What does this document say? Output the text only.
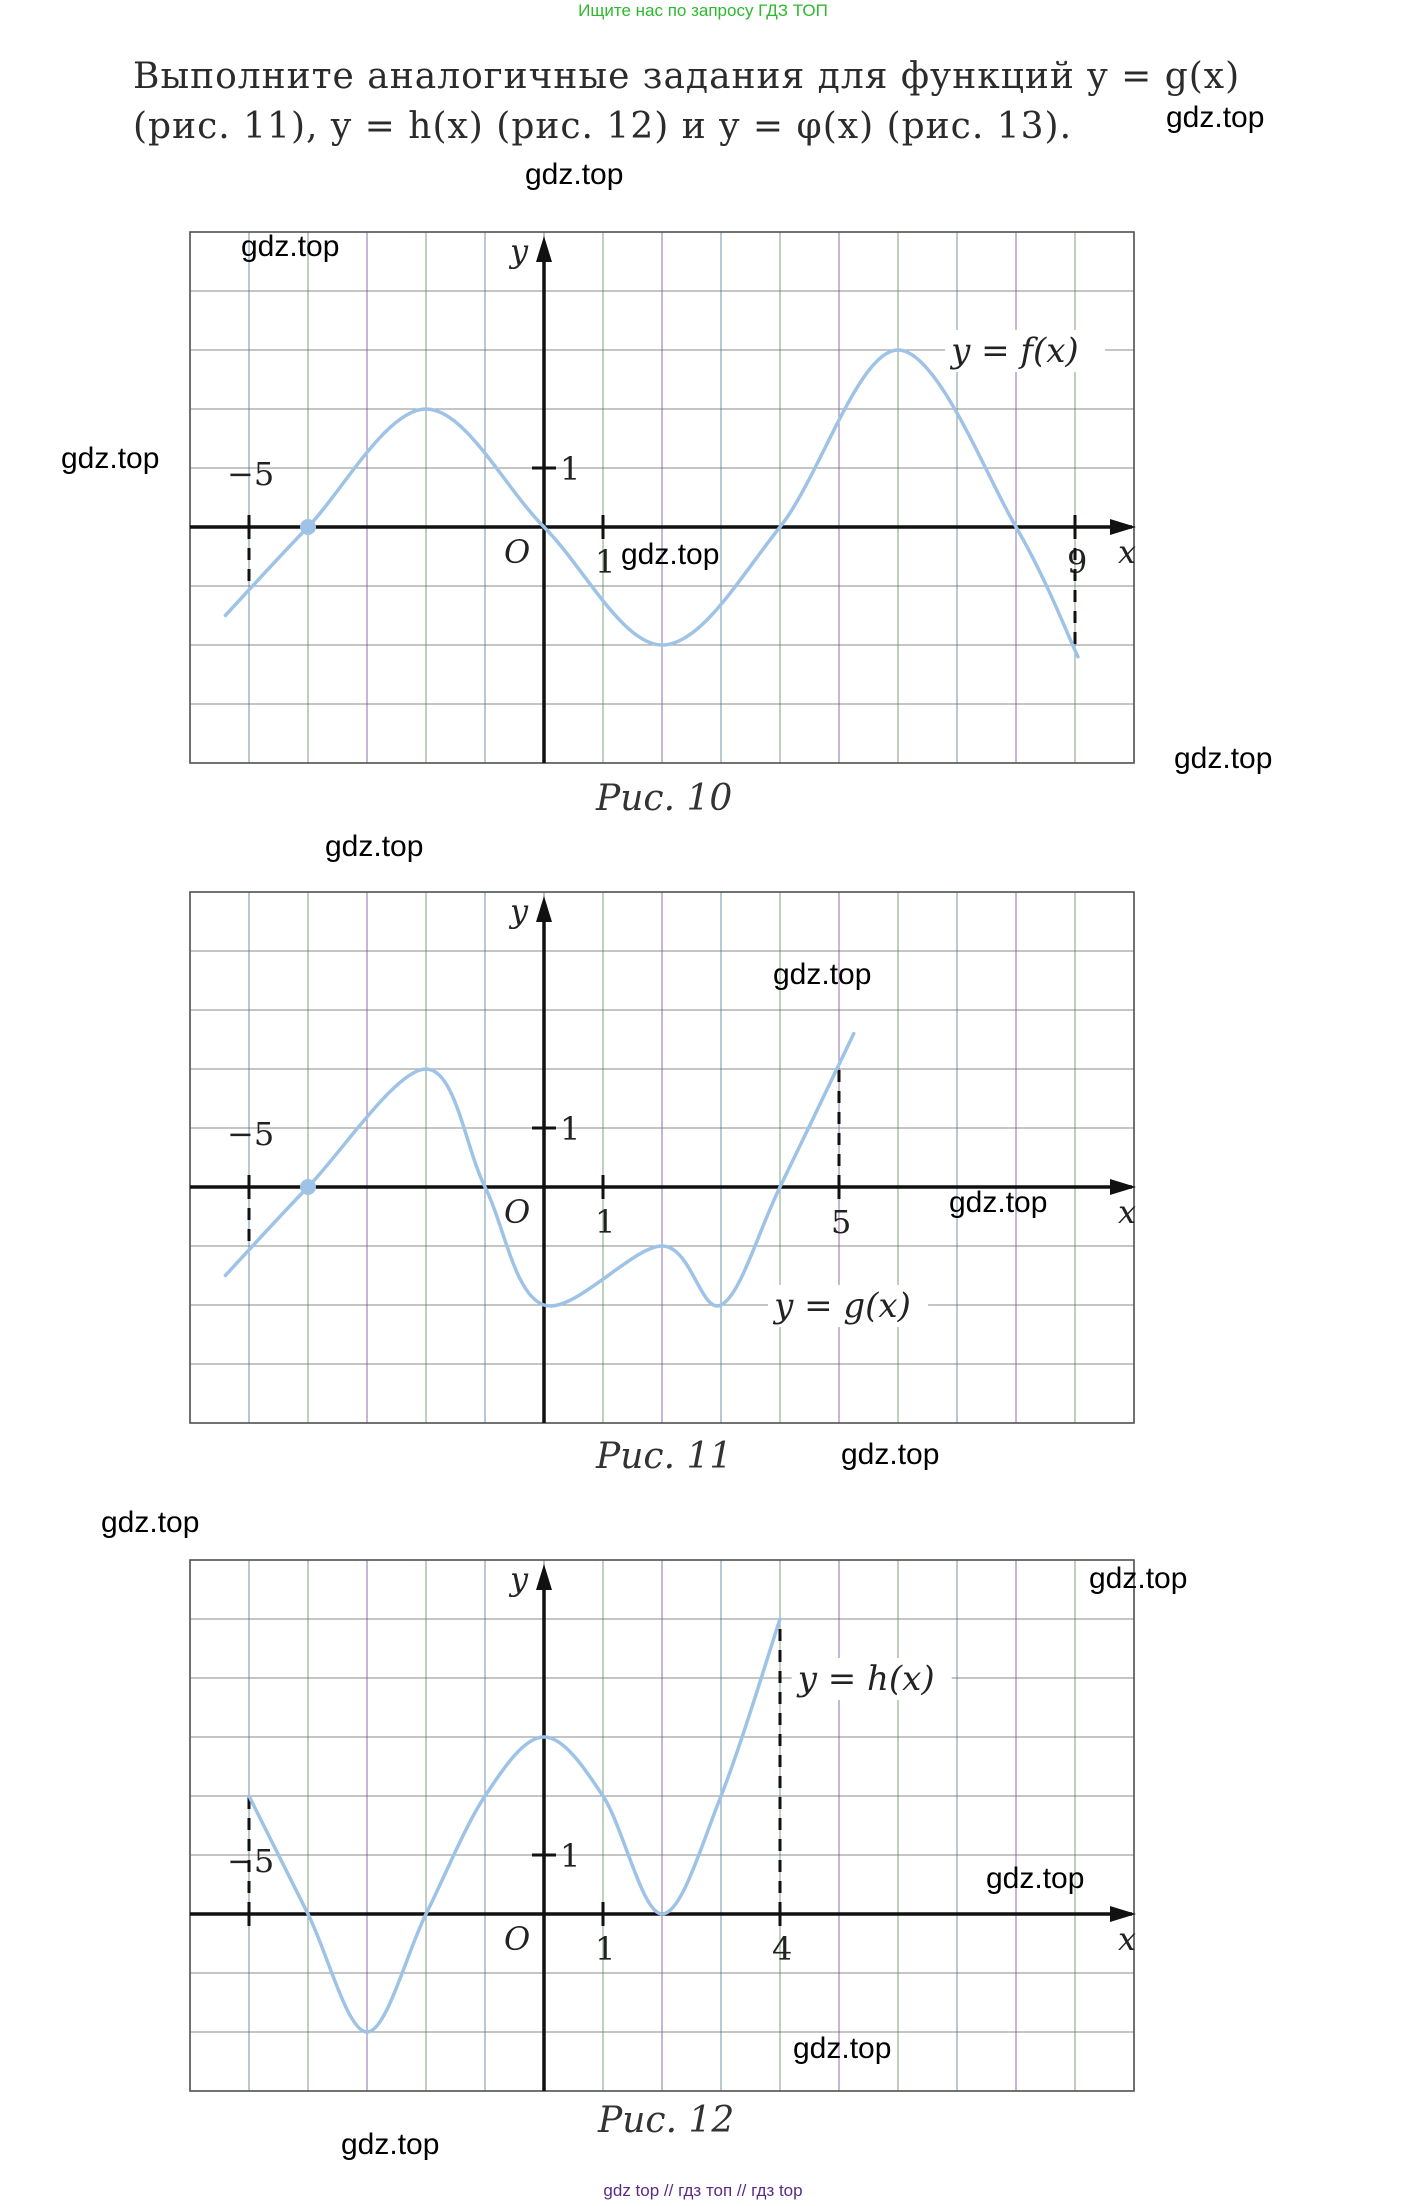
Ищите нас по запросу ГДЗ ТОП

Выполните аналогичные задания для функций y = g(x)

(рис. 11), y = h(x) (рис. 12) и y = φ(x) (рис. 13).

y
x
O
−5	1
1	9
y = f(x)
y
x
O
−5	1
1	5
y = g(x)
y
x
O
−5	1
1	4
y = h(x)
Рис. 10
Рис. 11
Рис. 12
gdz.top
gdz.top
gdz.top
gdz.top
gdz.top
gdz.top
gdz.top
gdz.top
gdz.top
gdz.top
gdz.top
gdz.top
gdz.top
gdz.top
gdz.top
gdz top // гдз топ // гдз top
